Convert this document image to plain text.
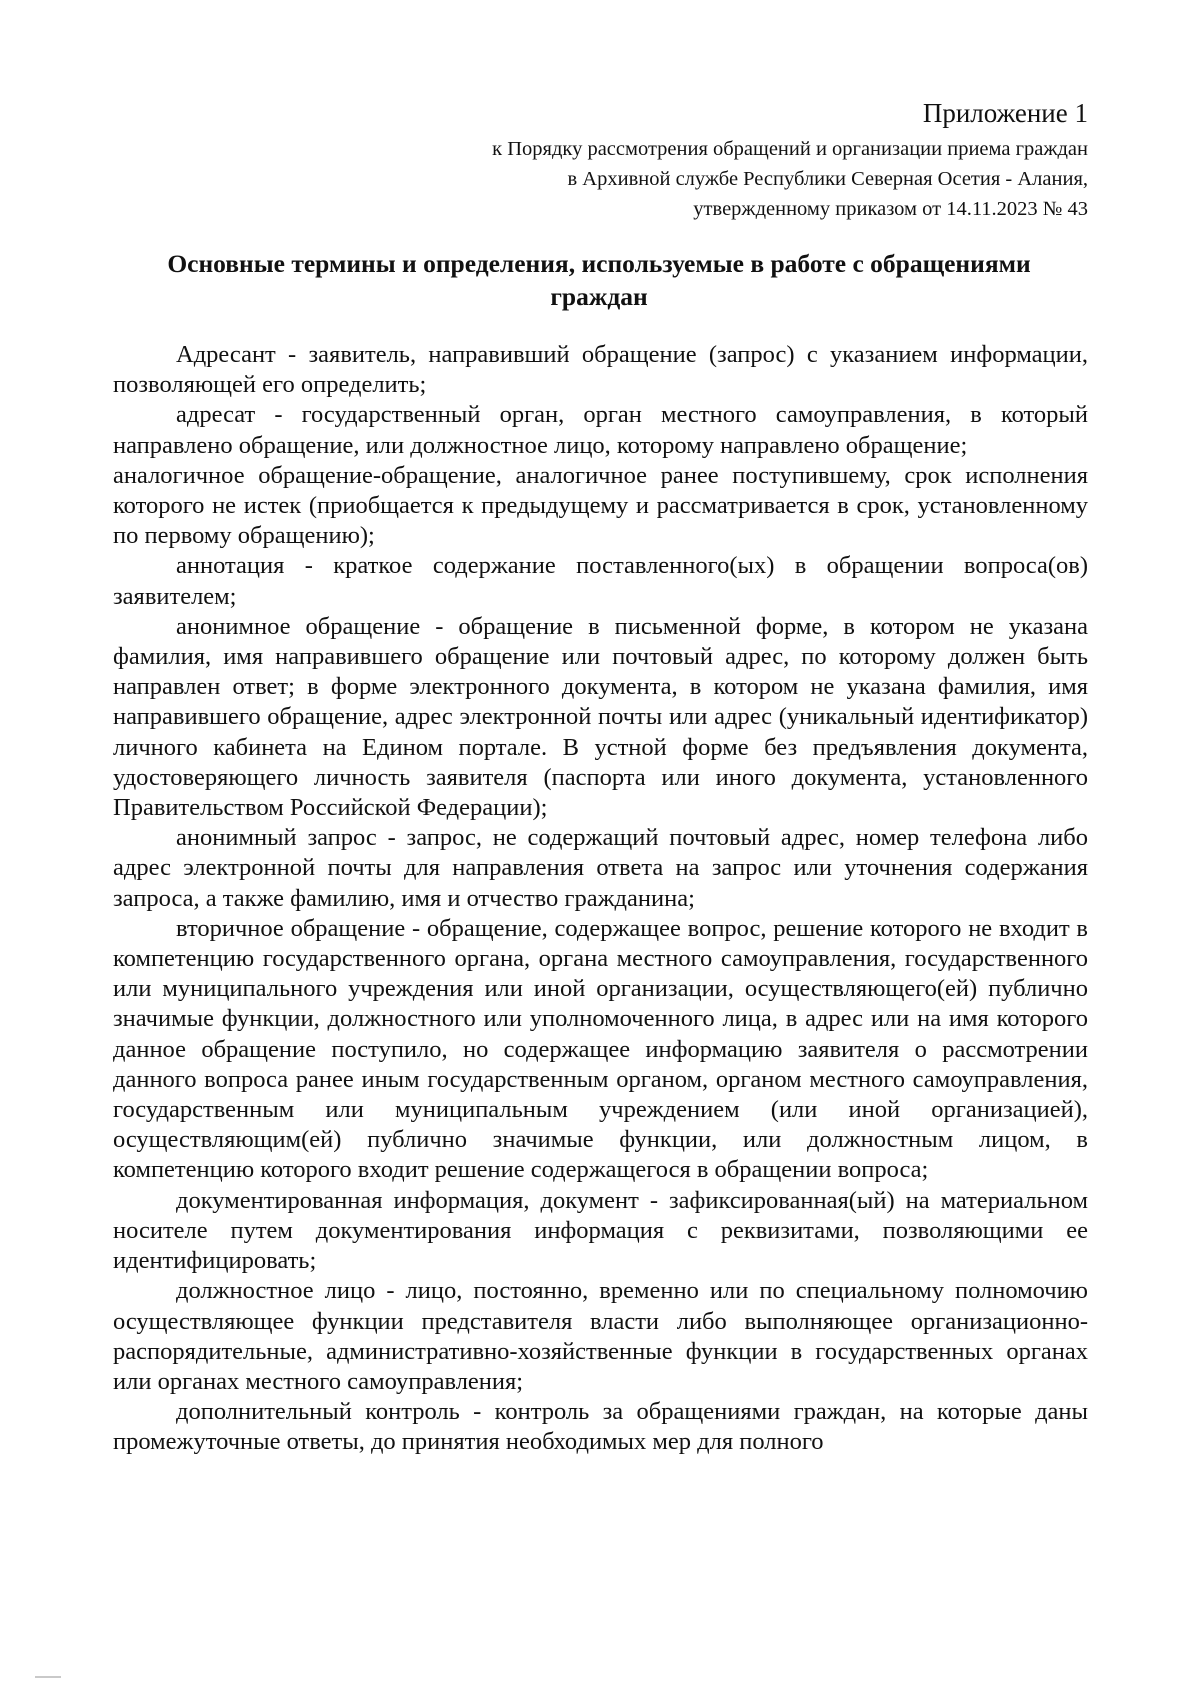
Приложение 1
к Порядку рассмотрения обращений и организации приема граждан
в Архивной службе Республики Северная Осетия - Алания,
утвержденному приказом от 14.11.2023 № 43
Основные термины и определения, используемые в работе с обращениями граждан

Адресант - заявитель, направивший обращение (запрос) с указанием информации, позволяющей его определить;

адресат - государственный орган, орган местного самоуправления, в который направлено обращение, или должностное лицо, которому направлено обращение;

аналогичное обращение-обращение, аналогичное ранее поступившему, срок исполнения которого не истек (приобщается к предыдущему и рассматривается в срок, установленному по первому обращению);

аннотация - краткое содержание поставленного(ых) в обращении вопроса(ов) заявителем;

анонимное обращение - обращение в письменной форме, в котором не указана фамилия, имя направившего обращение или почтовый адрес, по которому должен быть направлен ответ; в форме электронного документа, в котором не указана фамилия, имя направившего обращение, адрес электронной почты или адрес (уникальный идентификатор) личного кабинета на Едином портале. В устной форме без предъявления документа, удостоверяющего личность заявителя (паспорта или иного документа, установленного Правительством Российской Федерации);

анонимный запрос - запрос, не содержащий почтовый адрес, номер телефона либо адрес электронной почты для направления ответа на запрос или уточнения содержания запроса, а также фамилию, имя и отчество гражданина;

вторичное обращение - обращение, содержащее вопрос, решение которого не входит в компетенцию государственного органа, органа местного самоуправления, государственного или муниципального учреждения или иной организации, осуществляющего(ей) публично значимые функции, должностного или уполномоченного лица, в адрес или на имя которого данное обращение поступило, но содержащее информацию заявителя о рассмотрении данного вопроса ранее иным государственным органом, органом местного самоуправления, государственным или муниципальным учреждением (или иной организацией), осуществляющим(ей) публично значимые функции, или должностным лицом, в компетенцию которого входит решение содержащегося в обращении вопроса;

документированная информация, документ - зафиксированная(ый) на материальном носителе путем документирования информация с реквизитами, позволяющими ее идентифицировать;

должностное лицо - лицо, постоянно, временно или по специальному полномочию осуществляющее функции представителя власти либо выполняющее организационно-распорядительные, административно-хозяйственные функции в государственных органах или органах местного самоуправления;

дополнительный контроль - контроль за обращениями граждан, на которые даны промежуточные ответы, до принятия необходимых мер для полного
